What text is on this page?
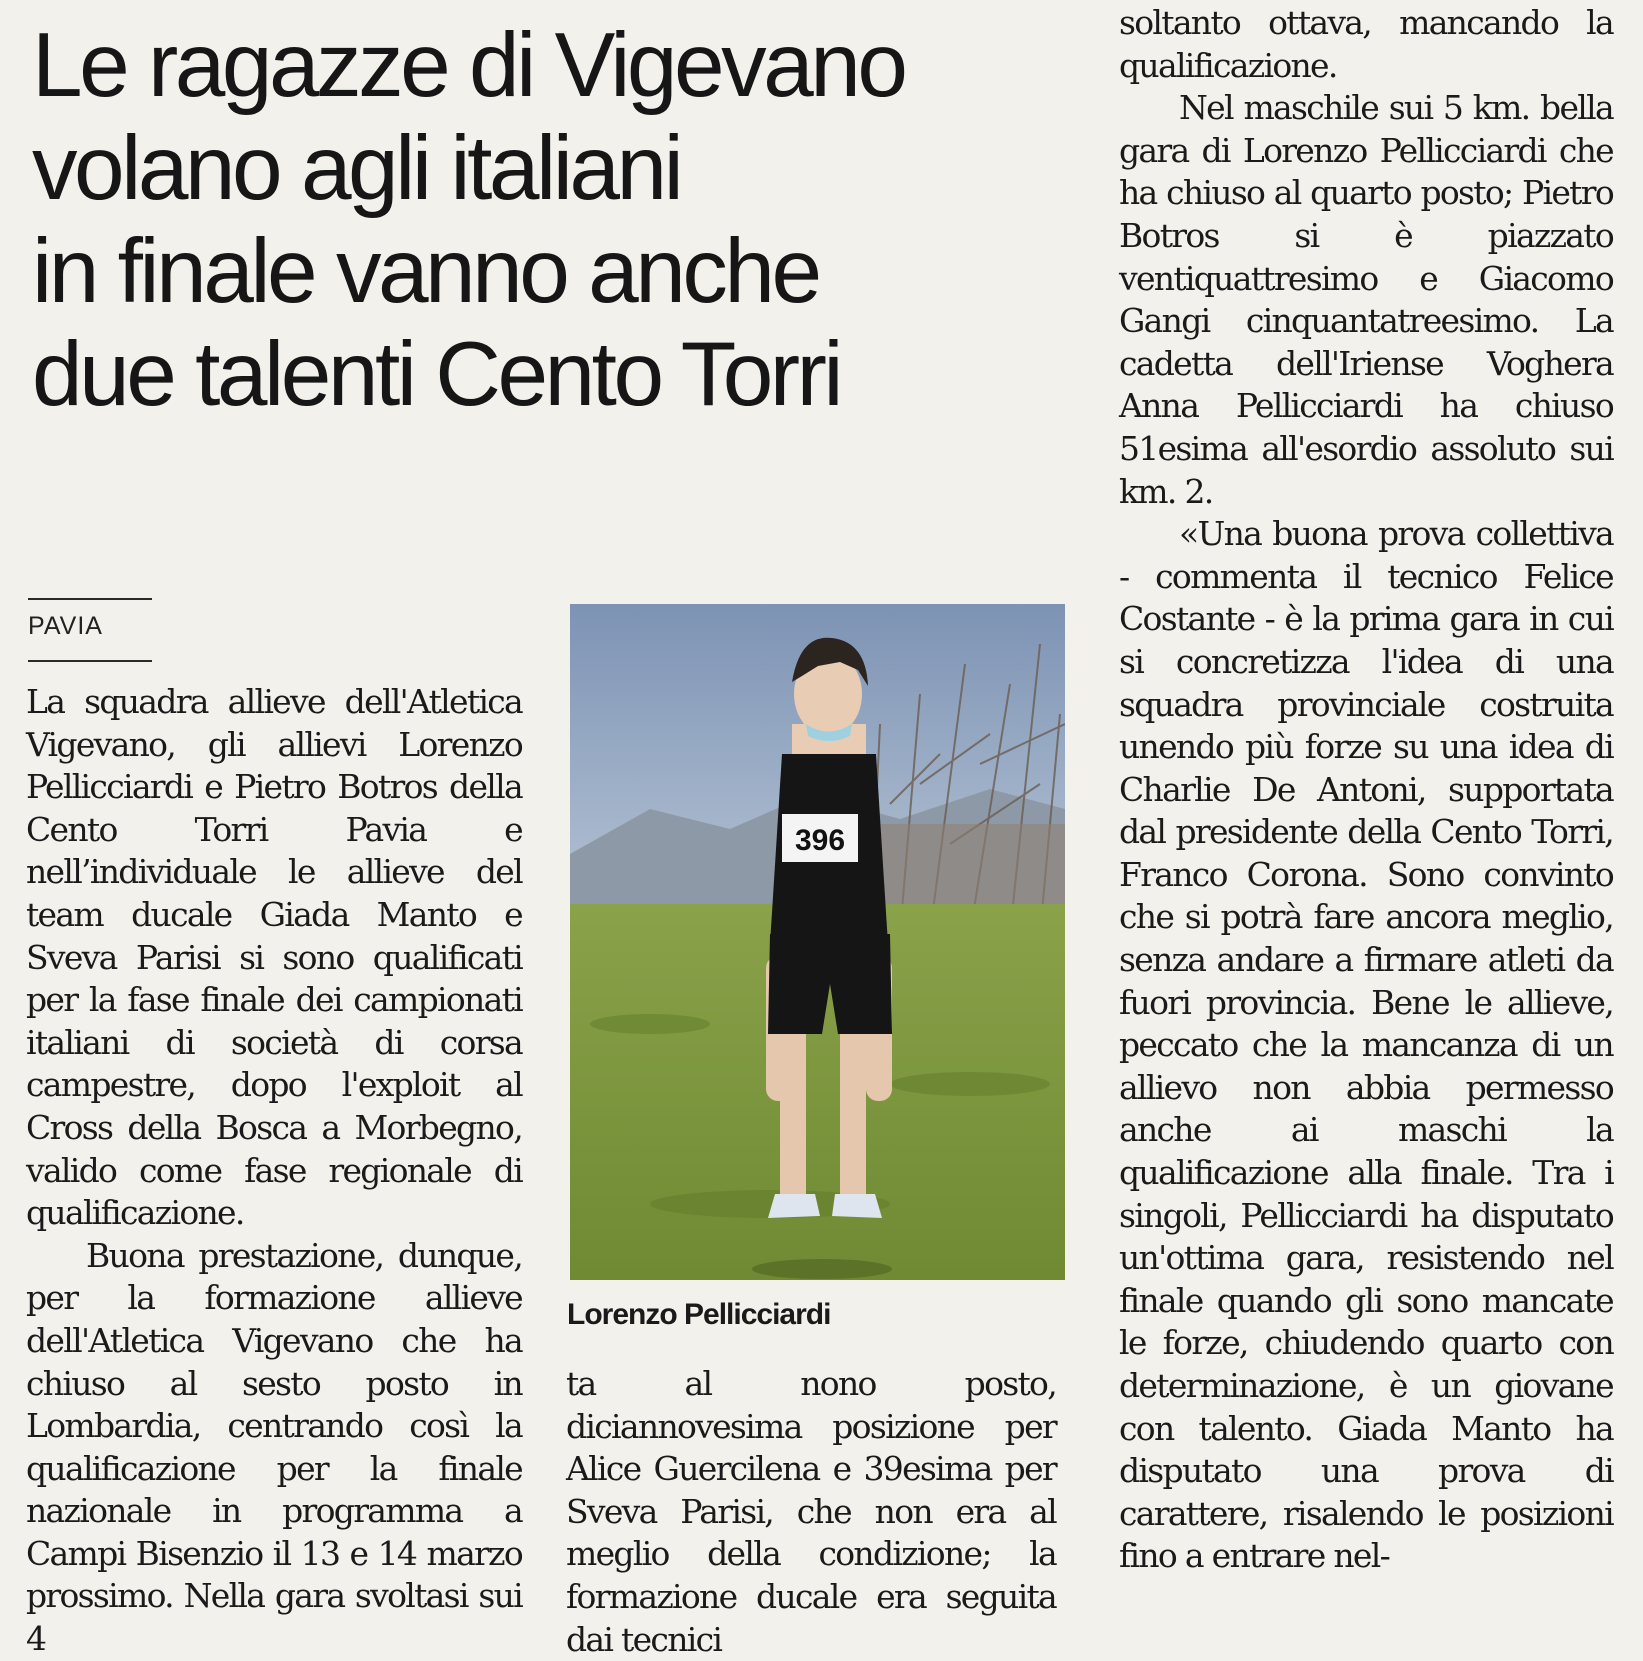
Le ragazze di Vigevano
volano agli italiani
in finale vanno anche
due talenti Cento Torri

PAVIA

La squadra allieve dell'Atletica Vigevano, gli allievi Lorenzo Pellicciardi e Pietro Botros della Cento Torri Pavia e nell’individuale le allieve del team ducale Giada Manto e Sveva Parisi si sono qualificati per la fase finale dei campionati italiani di società di corsa campestre, dopo l'exploit al Cross della Bosca a Morbegno, valido come fase regionale di qualificazione.

Buona prestazione, dunque, per la formazione allieve dell'Atletica Vigevano che ha chiuso al sesto posto in Lombardia, centrando così la qualificazione per la finale nazionale in programma a Campi Bisenzio il 13 e 14 marzo prossimo. Nella gara svoltasi sui 4

396

Lorenzo Pellicciardi

ta al nono posto, diciannovesima posizione per Alice Guercilena e 39esima per Sveva Parisi, che non era al meglio della condizione; la formazione ducale era seguita dai tecnici

soltanto ottava, mancando la qualificazione.

Nel maschile sui 5 km. bella gara di Lorenzo Pellicciardi che ha chiuso al quarto posto; Pietro Botros si è piazzato ventiquattresimo e Giacomo Gangi cinquantatreesimo. La cadetta dell'Iriense Voghera Anna Pellicciardi ha chiuso 51esima all'esordio assoluto sui km. 2.

«Una buona prova collettiva - commenta il tecnico Felice Costante - è la prima gara in cui si concretizza l'idea di una squadra provinciale costruita unendo più forze su una idea di Charlie De Antoni, supportata dal presidente della Cento Torri, Franco Corona. Sono convinto che si potrà fare ancora meglio, senza andare a firmare atleti da fuori provincia. Bene le allieve, peccato che la mancanza di un allievo non abbia permesso anche ai maschi la qualificazione alla finale. Tra i singoli, Pellicciardi ha disputato un'ottima gara, resistendo nel finale quando gli sono mancate le forze, chiudendo quarto con determinazione, è un giovane con talento. Giada Manto ha disputato una prova di carattere, risalendo le posizioni fino a entrare nel-
